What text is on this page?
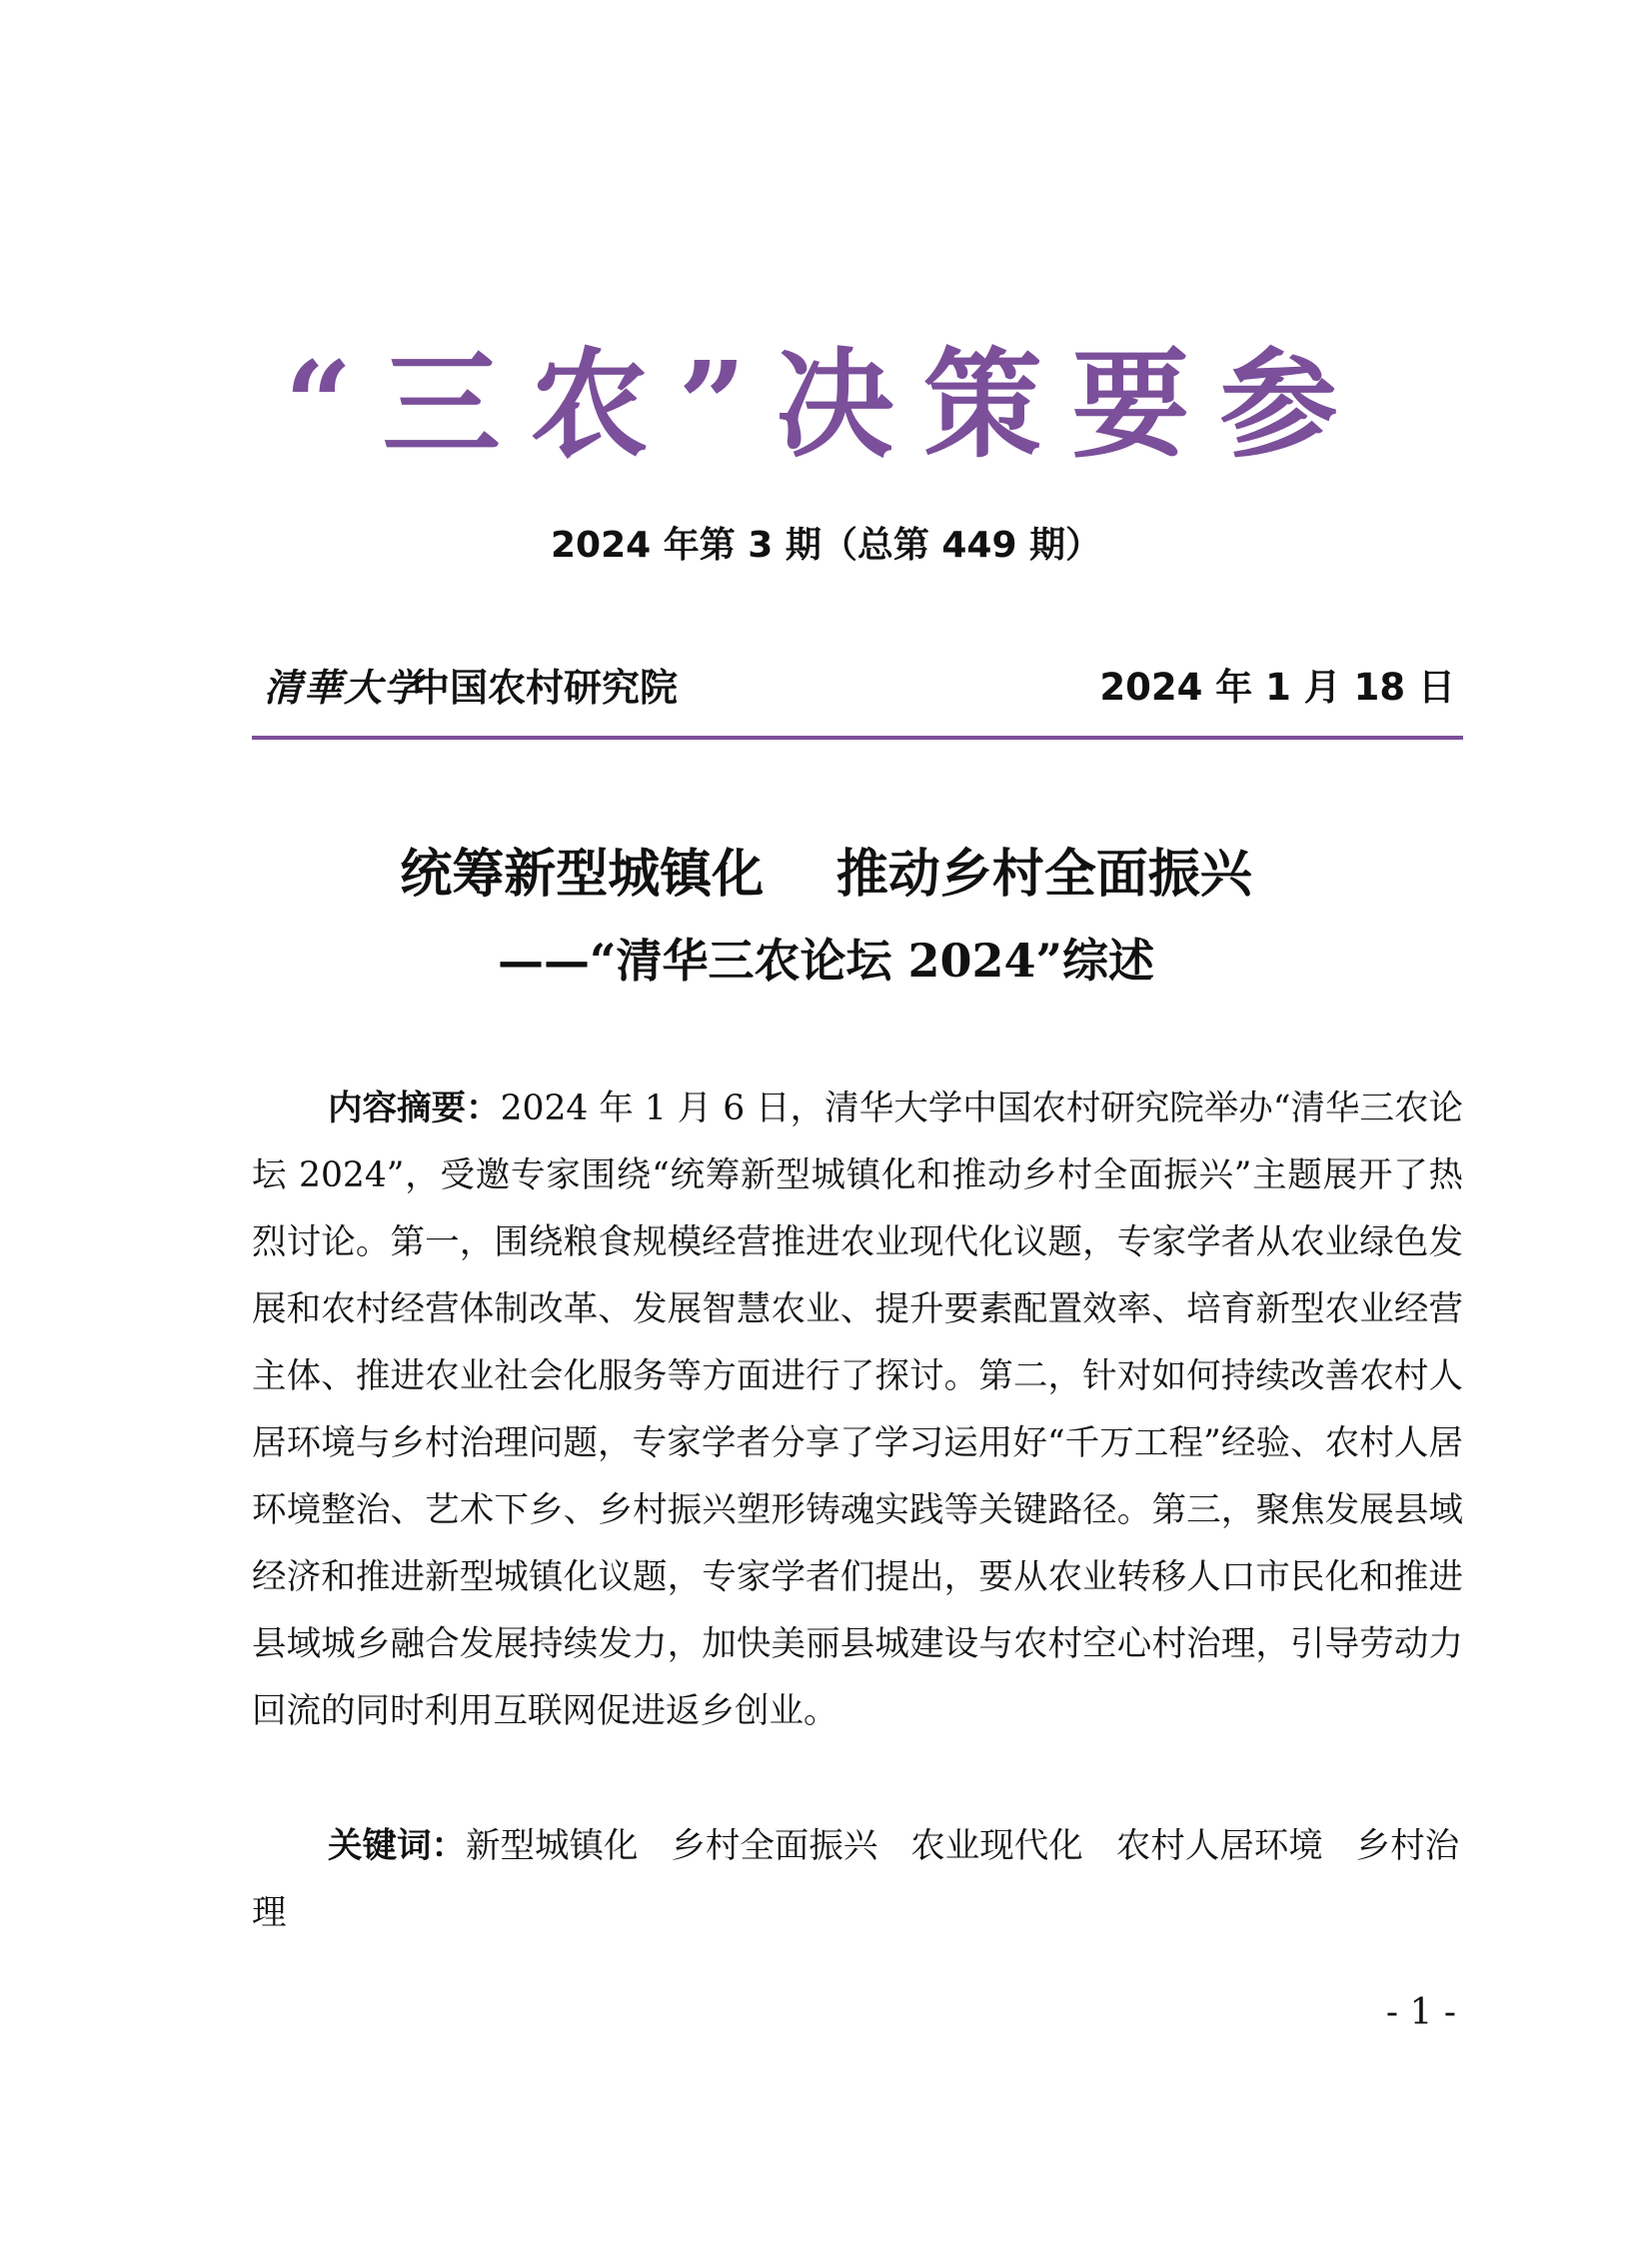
“三农”决策要参
2024 年第 3 期（总第 449 期）
清華大学
中国农村研究院	2024 年 1 月 18 日
统筹新型城镇化    推动乡村全面振兴
——“清华三农论坛 2024”综述

内容摘要：2024 年 1 月 6 日，清华大学中国农村研究院举办“清华三农论坛 2024”，受邀专家围绕“统筹新型城镇化和推动乡村全面振兴”主题展开了热烈讨论。第一，围绕粮食规模经营推进农业现代化议题，专家学者从农业绿色发展和农村经营体制改革、发展智慧农业、提升要素配置效率、培育新型农业经营主体、推进农业社会化服务等方面进行了探讨。第二，针对如何持续改善农村人居环境与乡村治理问题，专家学者分享了学习运用好“千万工程”经验、农村人居环境整治、艺术下乡、乡村振兴塑形铸魂实践等关键路径。第三，聚焦发展县域经济和推进新型城镇化议题，专家学者们提出，要从农业转移人口市民化和推进县域城乡融合发展持续发力，加快美丽县城建设与农村空心村治理，引导劳动力回流的同时利用互联网促进返乡创业。

关键词：新型城镇化   乡村全面振兴   农业现代化   农村人居环境   乡村治理

- 1 -
